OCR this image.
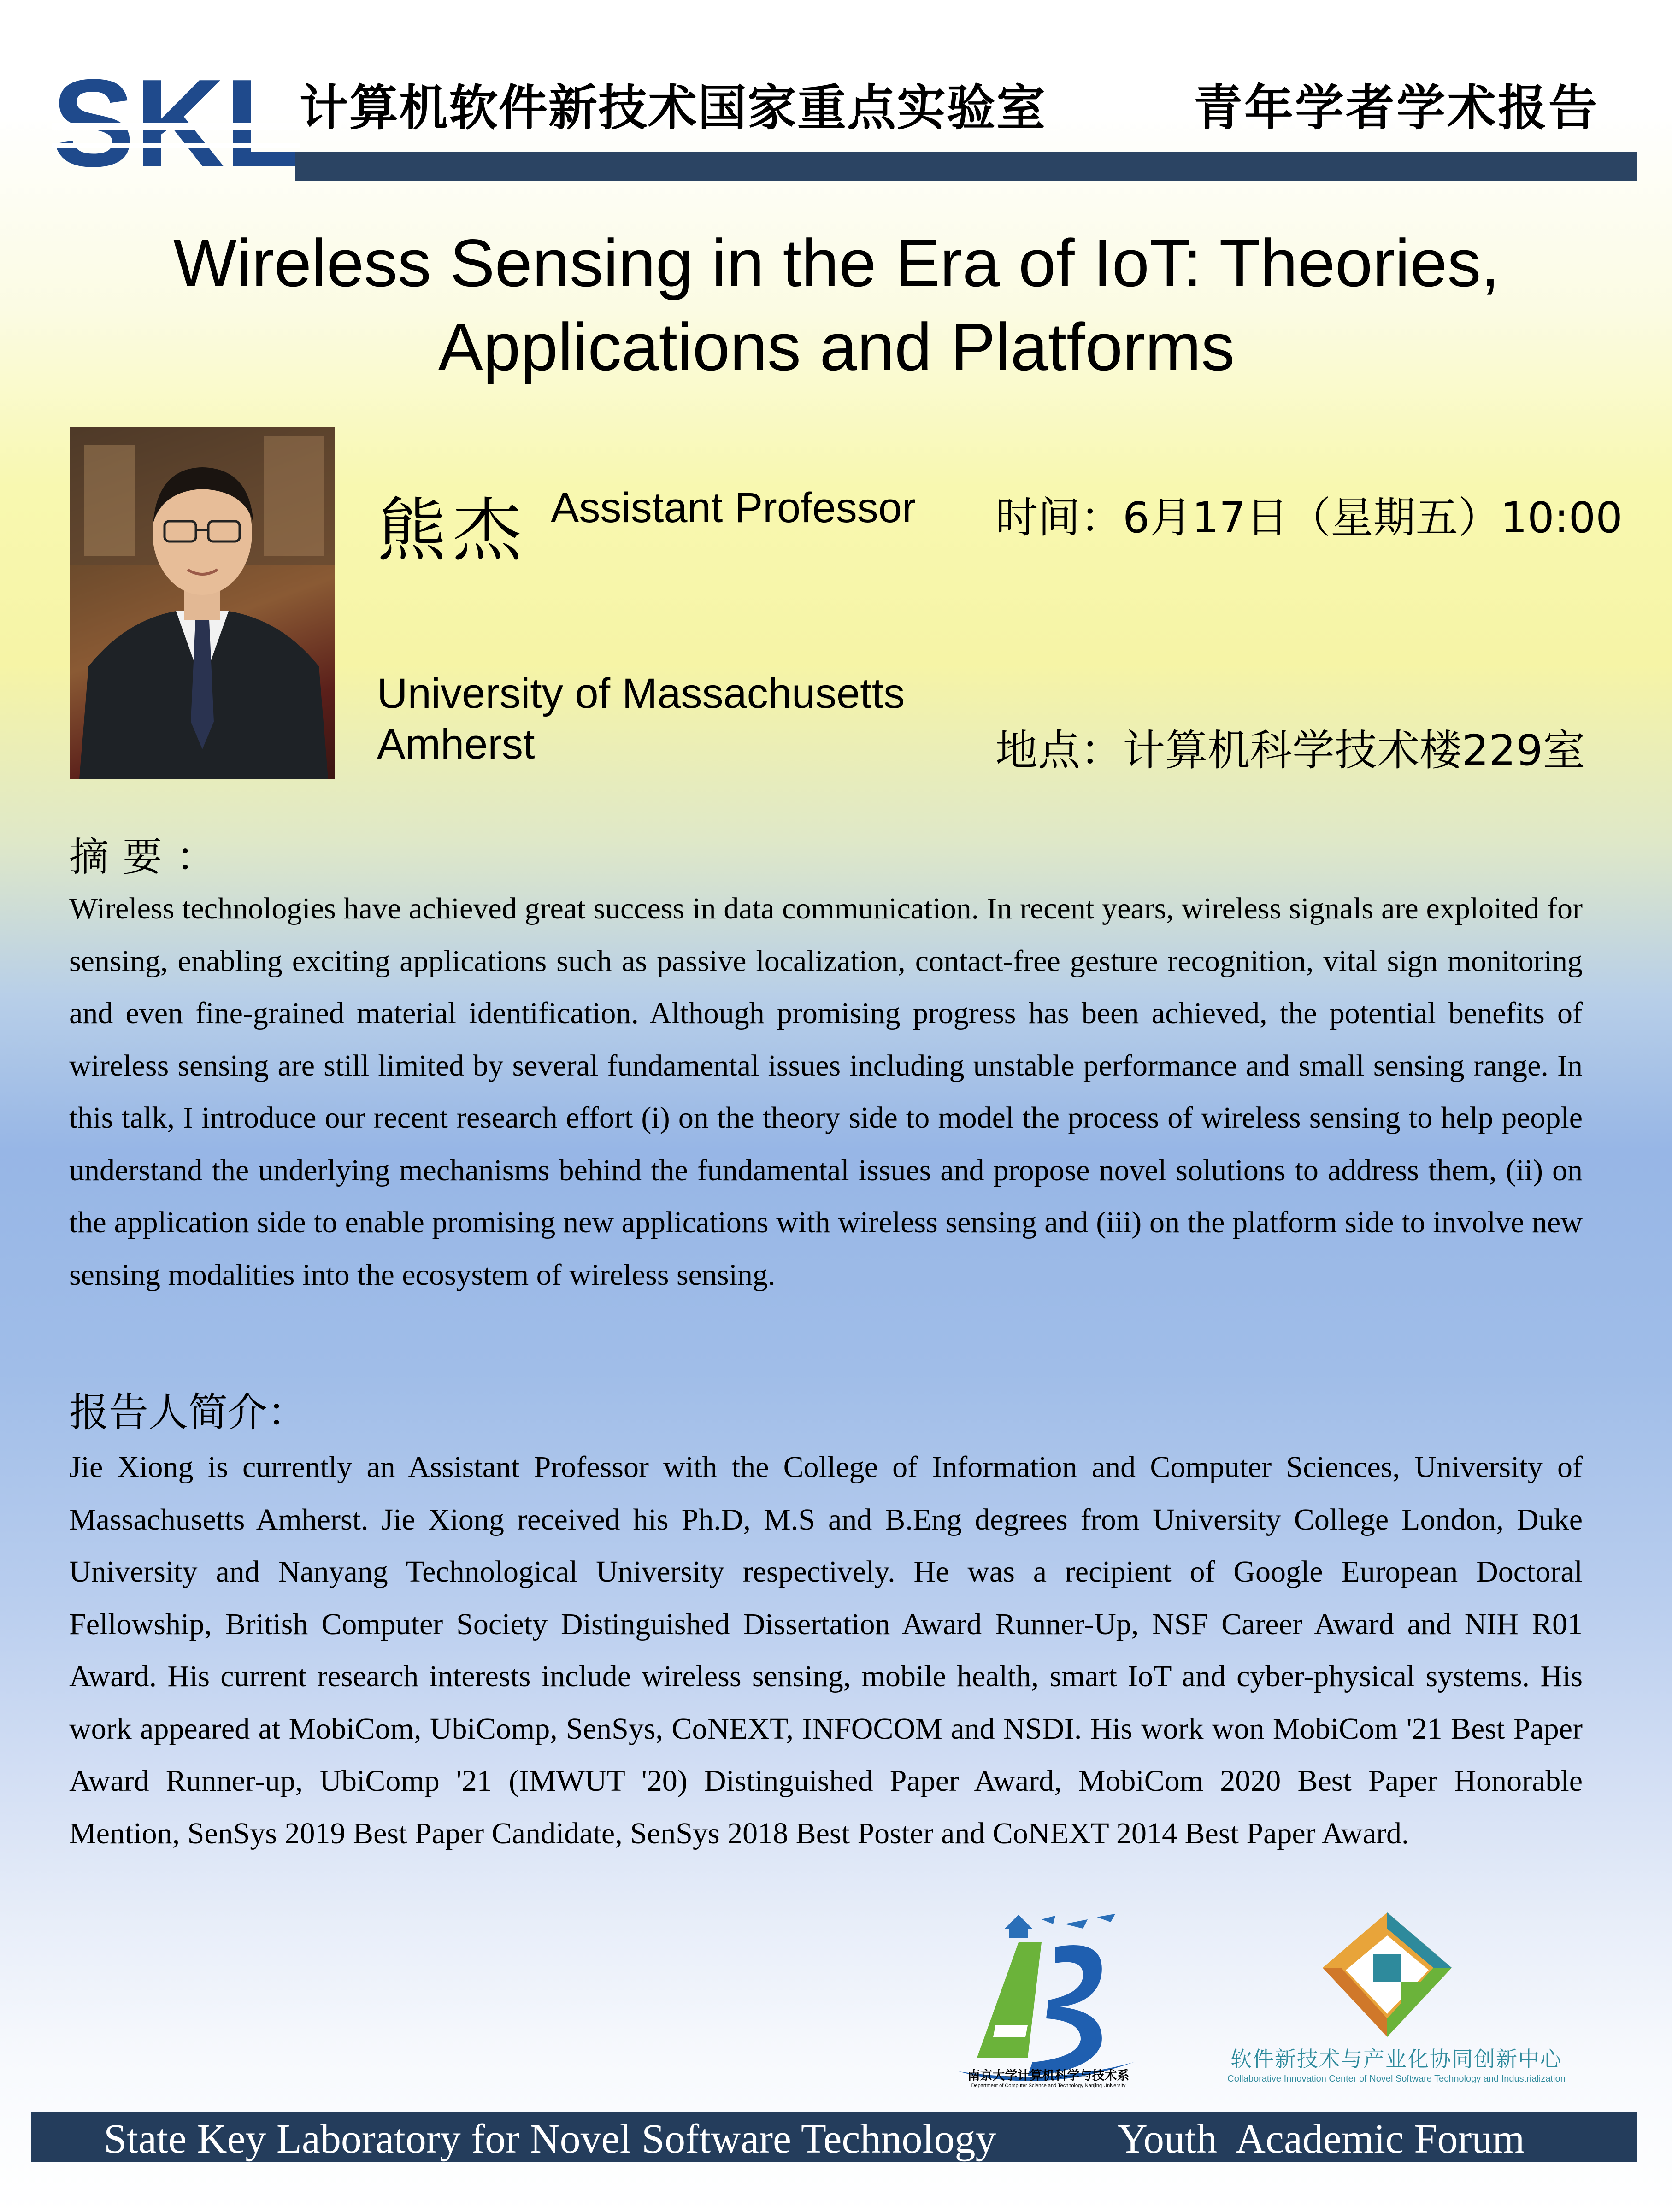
计算机软件新技术国家重点实验室	青年学者学术报告
Wireless Sensing in the Era of IoT: Theories, Applications and Platforms
熊杰 Assistant Professor
University of Massachusetts Amherst
时间：6月17日（星期五）10:00
地点：计算机科学技术楼229室
摘要：
Wireless technologies have achieved great success in data communication. In recent years, wireless signals are exploited for sensing, enabling exciting applications such as passive localization, contact-free gesture recognition, vital sign monitoring and even fine-grained material identification. Although promising progress has been achieved, the potential benefits of wireless sensing are still limited by several fundamental issues including unstable performance and small sensing range. In this talk, I introduce our recent research effort (i) on the theory side to model the process of wireless sensing to help people understand the underlying mechanisms behind the fundamental issues and propose novel solutions to address them, (ii) on the application side to enable promising new applications with wireless sensing and (iii) on the platform side to involve new sensing modalities into the ecosystem of wireless sensing.
报告人简介：
Jie Xiong is currently an Assistant Professor with the College of Information and Computer Sciences, University of Massachusetts Amherst. Jie Xiong received his Ph.D, M.S and B.Eng degrees from University College London, Duke University and Nanyang Technological University respectively. He was a recipient of Google European Doctoral Fellowship, British Computer Society Distinguished Dissertation Award Runner-Up, NSF Career Award and NIH R01 Award. His current research interests include wireless sensing, mobile health, smart IoT and cyber-physical systems. His work appeared at MobiCom, UbiComp, SenSys, CoNEXT, INFOCOM and NSDI. His work won MobiCom '21 Best Paper Award Runner-up, UbiComp '21 (IMWUT '20) Distinguished Paper Award, MobiCom 2020 Best Paper Honorable Mention, SenSys 2019 Best Paper Candidate, SenSys 2018 Best Poster and CoNEXT 2014 Best Paper Award.
南京大学计算机科学与技术系
Department of Computer Science and Technology Nanjing University
软件新技术与产业化协同创新中心
Collaborative Innovation Center of Novel Software Technology and Industrialization
State Key Laboratory for Novel Software Technology	Youth  Academic Forum
